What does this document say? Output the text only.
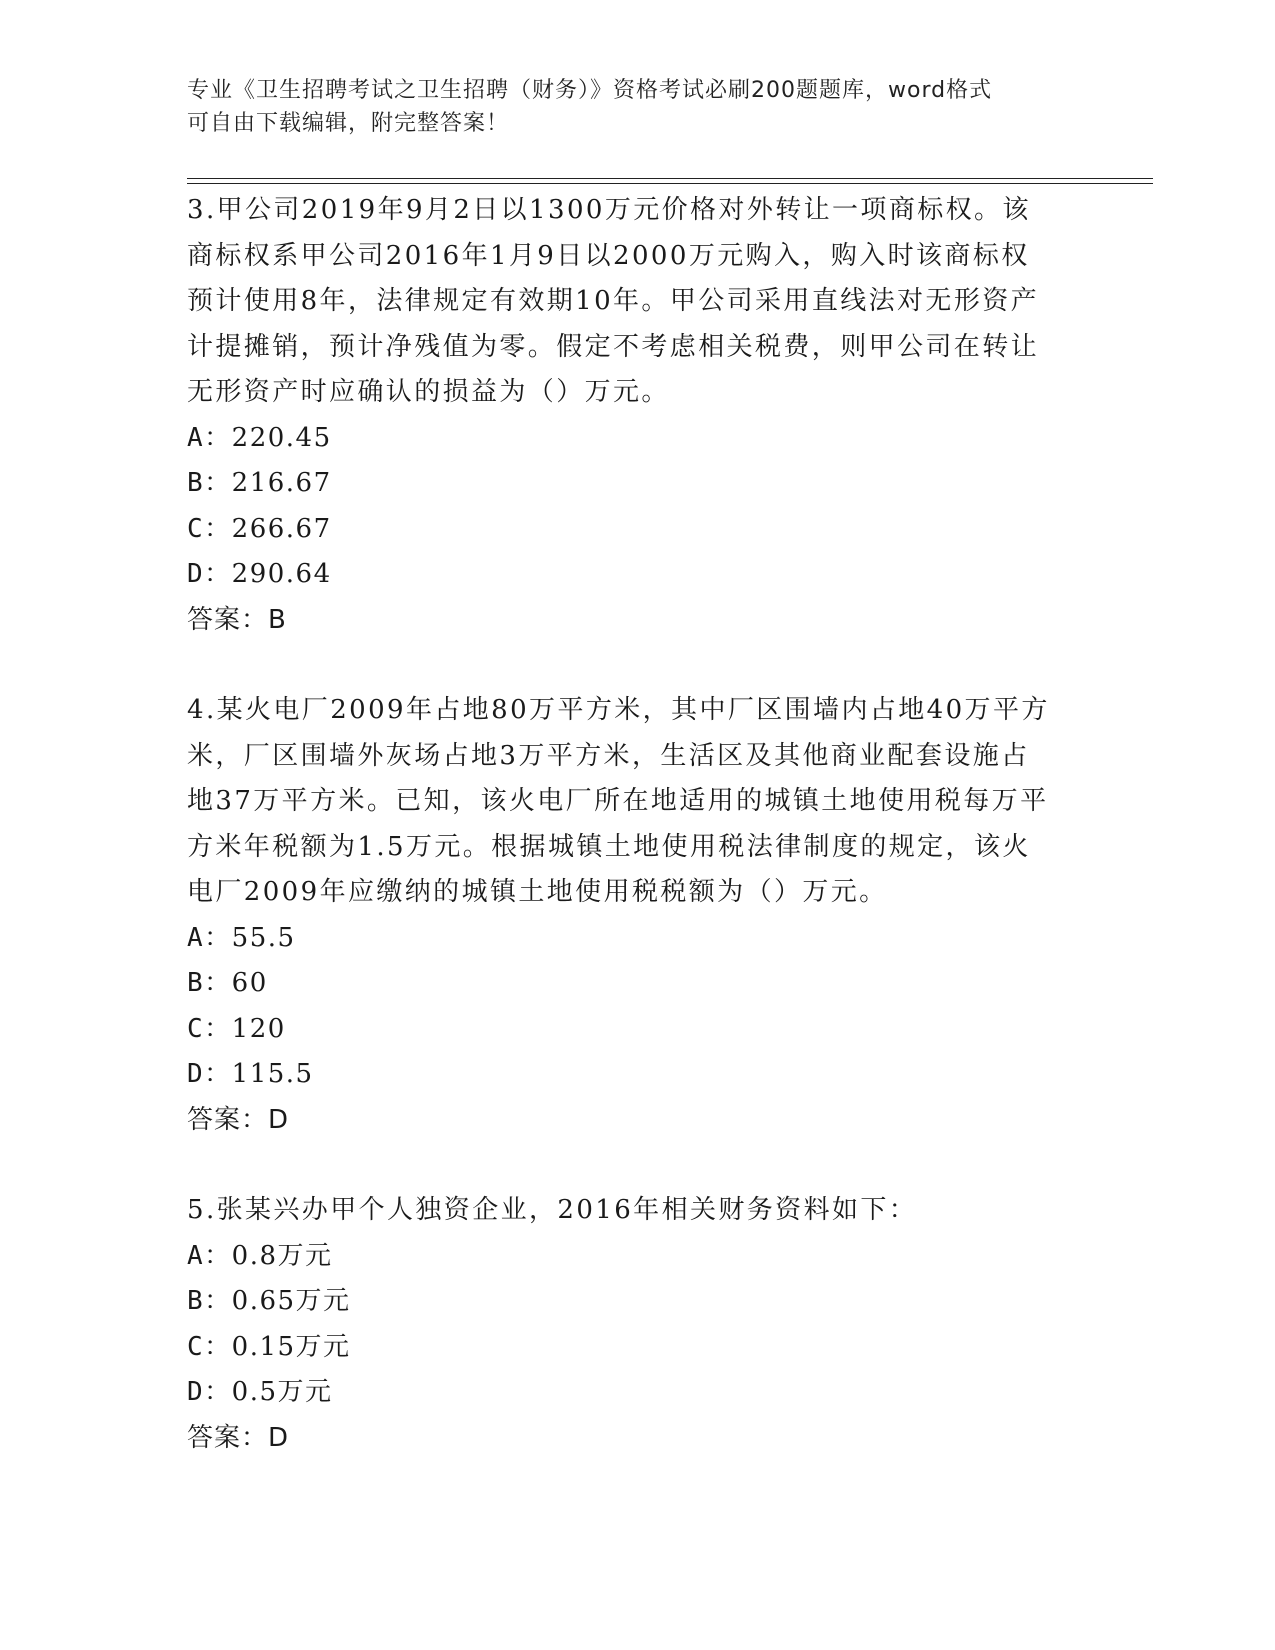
专业《卫生招聘考试之卫生招聘（财务）》资格考试必刷200题题库，word格式
可自由下载编辑，附完整答案！
3.甲公司2019年9月2日以1300万元价格对外转让一项商标权。该
商标权系甲公司2016年1月9日以2000万元购入，购入时该商标权
预计使用8年，法律规定有效期10年。甲公司采用直线法对无形资产
计提摊销，预计净残值为零。假定不考虑相关税费，则甲公司在转让
无形资产时应确认的损益为（）万元。
A：220.45
B：216.67
C：266.67
D：290.64
答案：B
4.某火电厂2009年占地80万平方米，其中厂区围墙内占地40万平方
米，厂区围墙外灰场占地3万平方米，生活区及其他商业配套设施占
地37万平方米。已知，该火电厂所在地适用的城镇土地使用税每万平
方米年税额为1.5万元。根据城镇土地使用税法律制度的规定，该火
电厂2009年应缴纳的城镇土地使用税税额为（）万元。
A：55.5
B：60
C：120
D：115.5
答案：D
5.张某兴办甲个人独资企业，2016年相关财务资料如下：
A：0.8万元
B：0.65万元
C：0.15万元
D：0.5万元
答案：D
